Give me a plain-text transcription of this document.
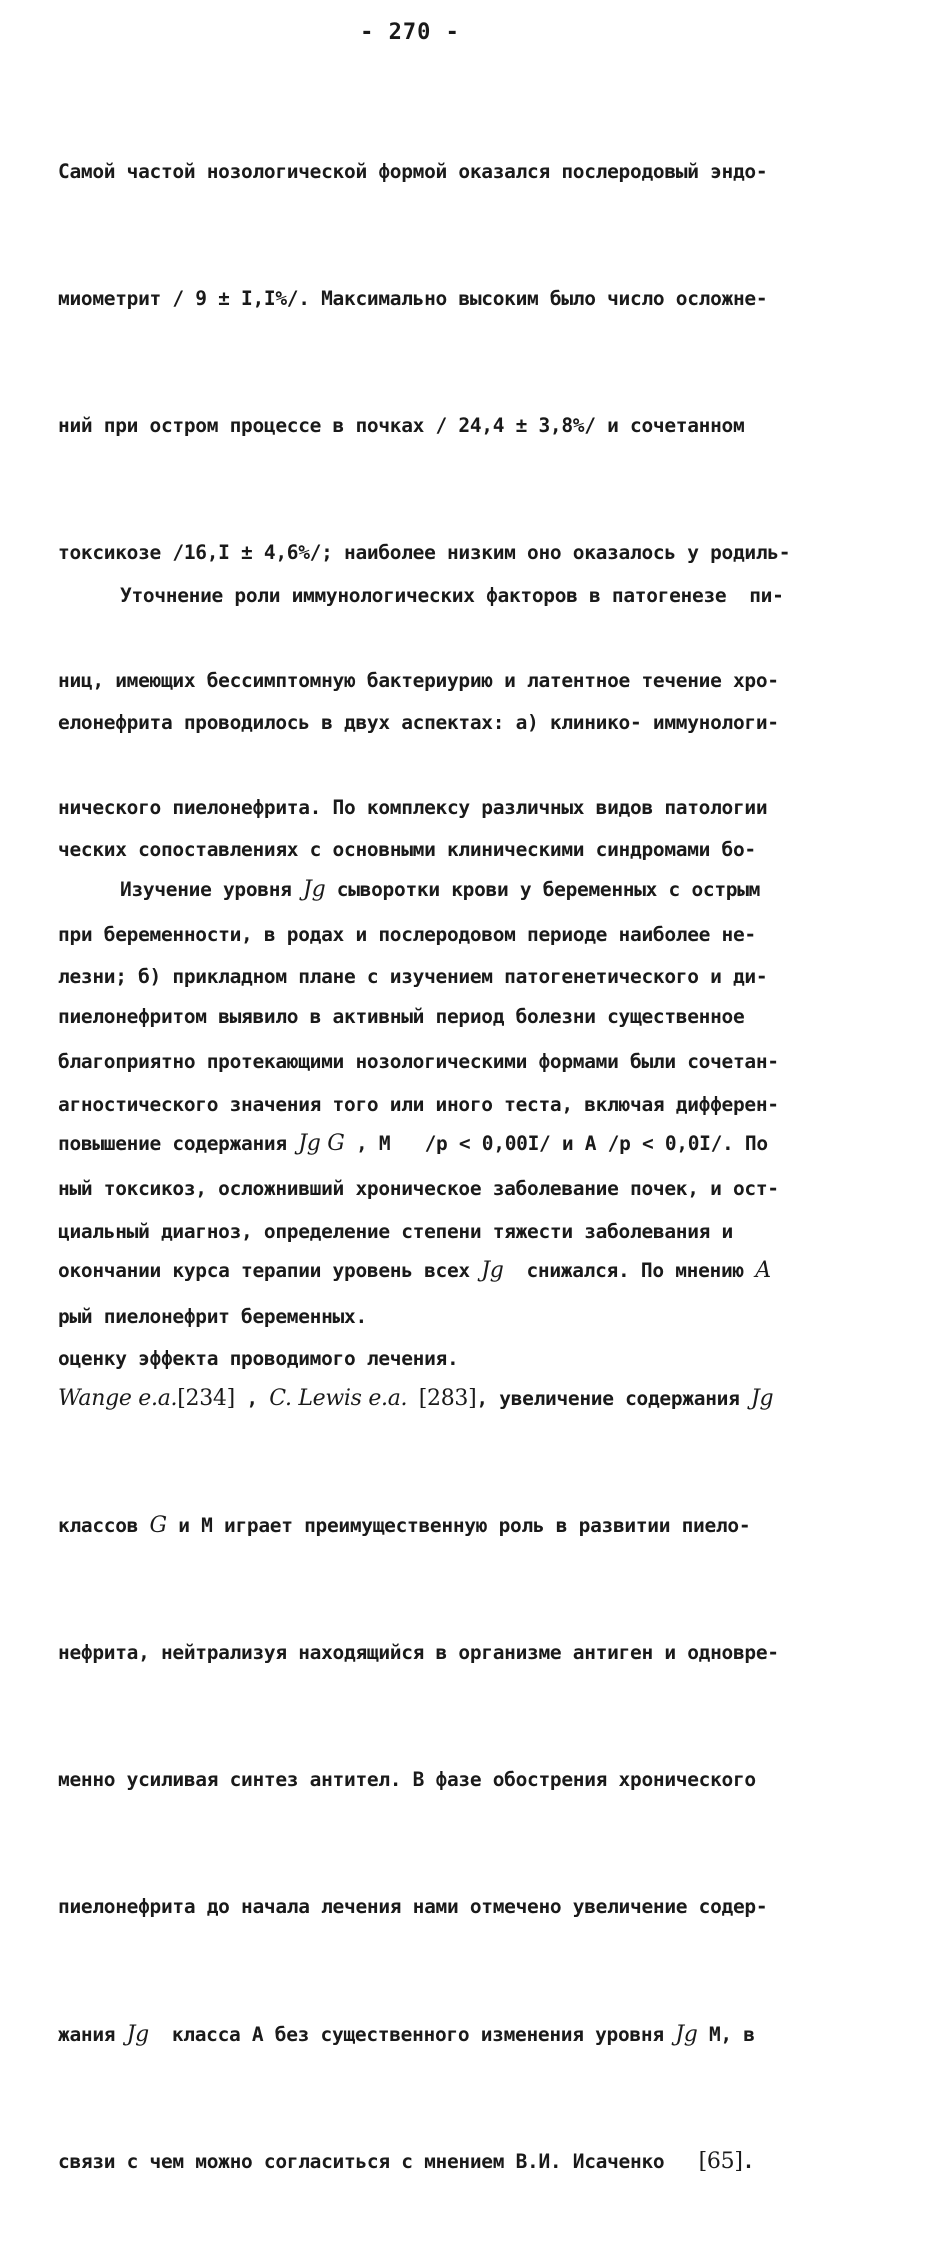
- 270 -

Самой частой нозологической формой оказался послеродовый эндо-

миометрит / 9 ± I,I%/. Максимально высоким было число осложне-

ний при остром процессе в почках / 24,4 ± 3,8%/ и сочетанном

токсикозе /16,I ± 4,6%/; наиболее низким оно оказалось у родиль-

ниц, имеющих бессимптомную бактериурию и латентное течение хро-

нического пиелонефрита. По комплексу различных видов патологии

при беременности, в родах и послеродовом периоде наиболее не-

благоприятно протекающими нозологическими формами были сочетан-

ный токсикоз, осложнивший хроническое заболевание почек, и ост-

рый пиелонефрит беременных.

Уточнение роли иммунологических факторов в патогенезе  пи-

елонефрита проводилось в двух аспектах: а) клинико- иммунологи-

ческих сопоставлениях с основными клиническими синдромами бо-

лезни; б) прикладном плане с изучением патогенетического и ди-

агностического значения того или иного теста, включая дифферен-

циальный диагноз, определение степени тяжести заболевания и

оценку эффекта проводимого лечения.

Изучение уровня Jg сыворотки крови у беременных с острым

пиелонефритом выявило в активный период болезни существенное

повышение содержания Jg G , M   /p < 0,00I/ и A /p < 0,0I/. По

окончании курса терапии уровень всех Jg  снижался. По мнению A

Wange e.a.[234] , C. Lewis e.a. [283], увеличение содержания Jg

классов G и M играет преимущественную роль в развитии пиело-

нефрита, нейтрализуя находящийся в организме антиген и одновре-

менно усиливая синтез антител. В фазе обострения хронического

пиелонефрита до начала лечения нами отмечено увеличение содер-

жания Jg  класса A без существенного изменения уровня Jg M, в

связи с чем можно согласиться с мнением В.И. Исаченко   [65].
